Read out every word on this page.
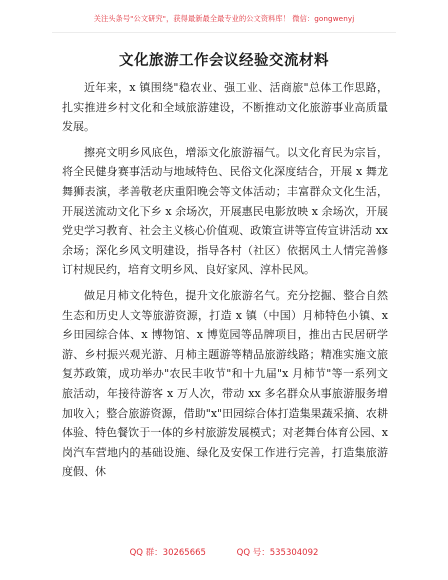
关注头条号"公文研究"，获得最新最全最专业的公文资料库！ 微信：gongwenyj
文化旅游工作会议经验交流材料

近年来，x 镇围绕"稳农业、强工业、活商旅"总体工作思路，扎实推进乡村文化和全域旅游建设，不断推动文化旅游事业高质量发展。

擦亮文明乡风底色，增添文化旅游福气。以文化育民为宗旨，将全民健身赛事活动与地域特色、民俗文化深度结合，开展 x 舞龙舞狮表演，孝善敬老庆重阳晚会等文体活动；丰富群众文化生活，开展送流动文化下乡 x 余场次，开展惠民电影放映 x 余场次，开展党史学习教育、社会主义核心价值观、政策宣讲等宣传宣讲活动 xx 余场；深化乡风文明建设，指导各村（社区）依据风土人情完善修订村规民约，培育文明乡风、良好家风、淳朴民风。

做足月柿文化特色，提升文化旅游名气。充分挖掘、整合自然生态和历史人文等旅游资源，打造 x 镇（中国）月柿特色小镇、x 乡田园综合体、x 博物馆、x 博览园等品牌项目，推出古民居研学游、乡村振兴观光游、月柿主题游等精品旅游线路；精准实施文旅复苏政策，成功举办"农民丰收节"和十九届"x 月柿节"等一系列文旅活动，年接待游客 x 万人次，带动 xx 多名群众从事旅游服务增加收入；整合旅游资源，借助"x"田园综合体打造集果蔬采摘、农耕体验、特色餐饮于一体的乡村旅游发展模式；对老舞台体育公园、x 岗汽车营地内的基础设施、绿化及安保工作进行完善，打造集旅游度假、休

QQ 群：30265665	QQ 号：535304092
